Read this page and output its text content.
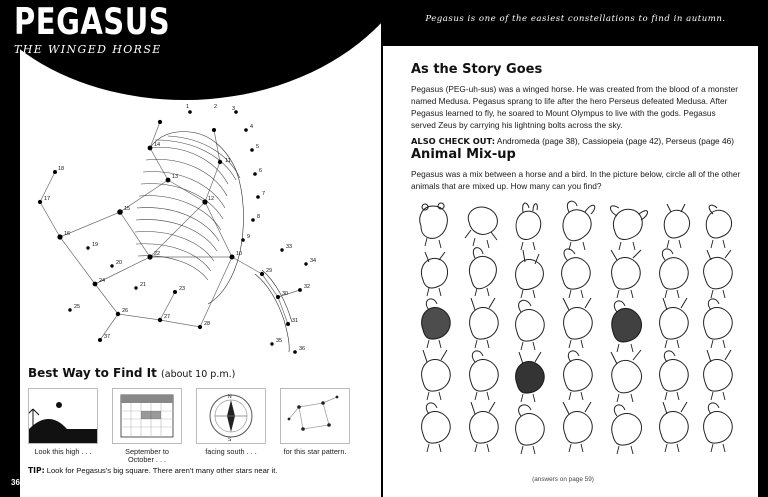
PEGASUS
THE WINGED HORSE
1	2	3
4
5
6
7
8
9
10
11
12
13
14
15
16
17
18
19
20
21
22
23
24
25
26
27
28
29
30
31
32
33
34
35
36
37
Best Way to Find It (about 10 p.m.)
Look this high . . .	September to October . . .
N
S
facing south . . .	for this star pattern.
TIP: Look for Pegasus's big square. There aren't many other stars near it.
36
Pegasus is one of the easiest constellations to find in autumn.
As the Story Goes

Pegasus (PEG-uh-sus) was a winged horse. He was created from the blood of a monster named Medusa. Pegasus sprang to life after the hero Perseus defeated Medusa. After Pegasus learned to fly, he soared to Mount Olympus to live with the gods. Pegasus served Zeus by carrying his lightning bolts across the sky.

ALSO CHECK OUT: Andromeda (page 38), Cassiopeia (page 42), Perseus (page 46)

Animal Mix-up

Pegasus was a mix between a horse and a bird. In the picture below, circle all of the other animals that are mixed up. How many can you find?

(answers on page 59)	37
